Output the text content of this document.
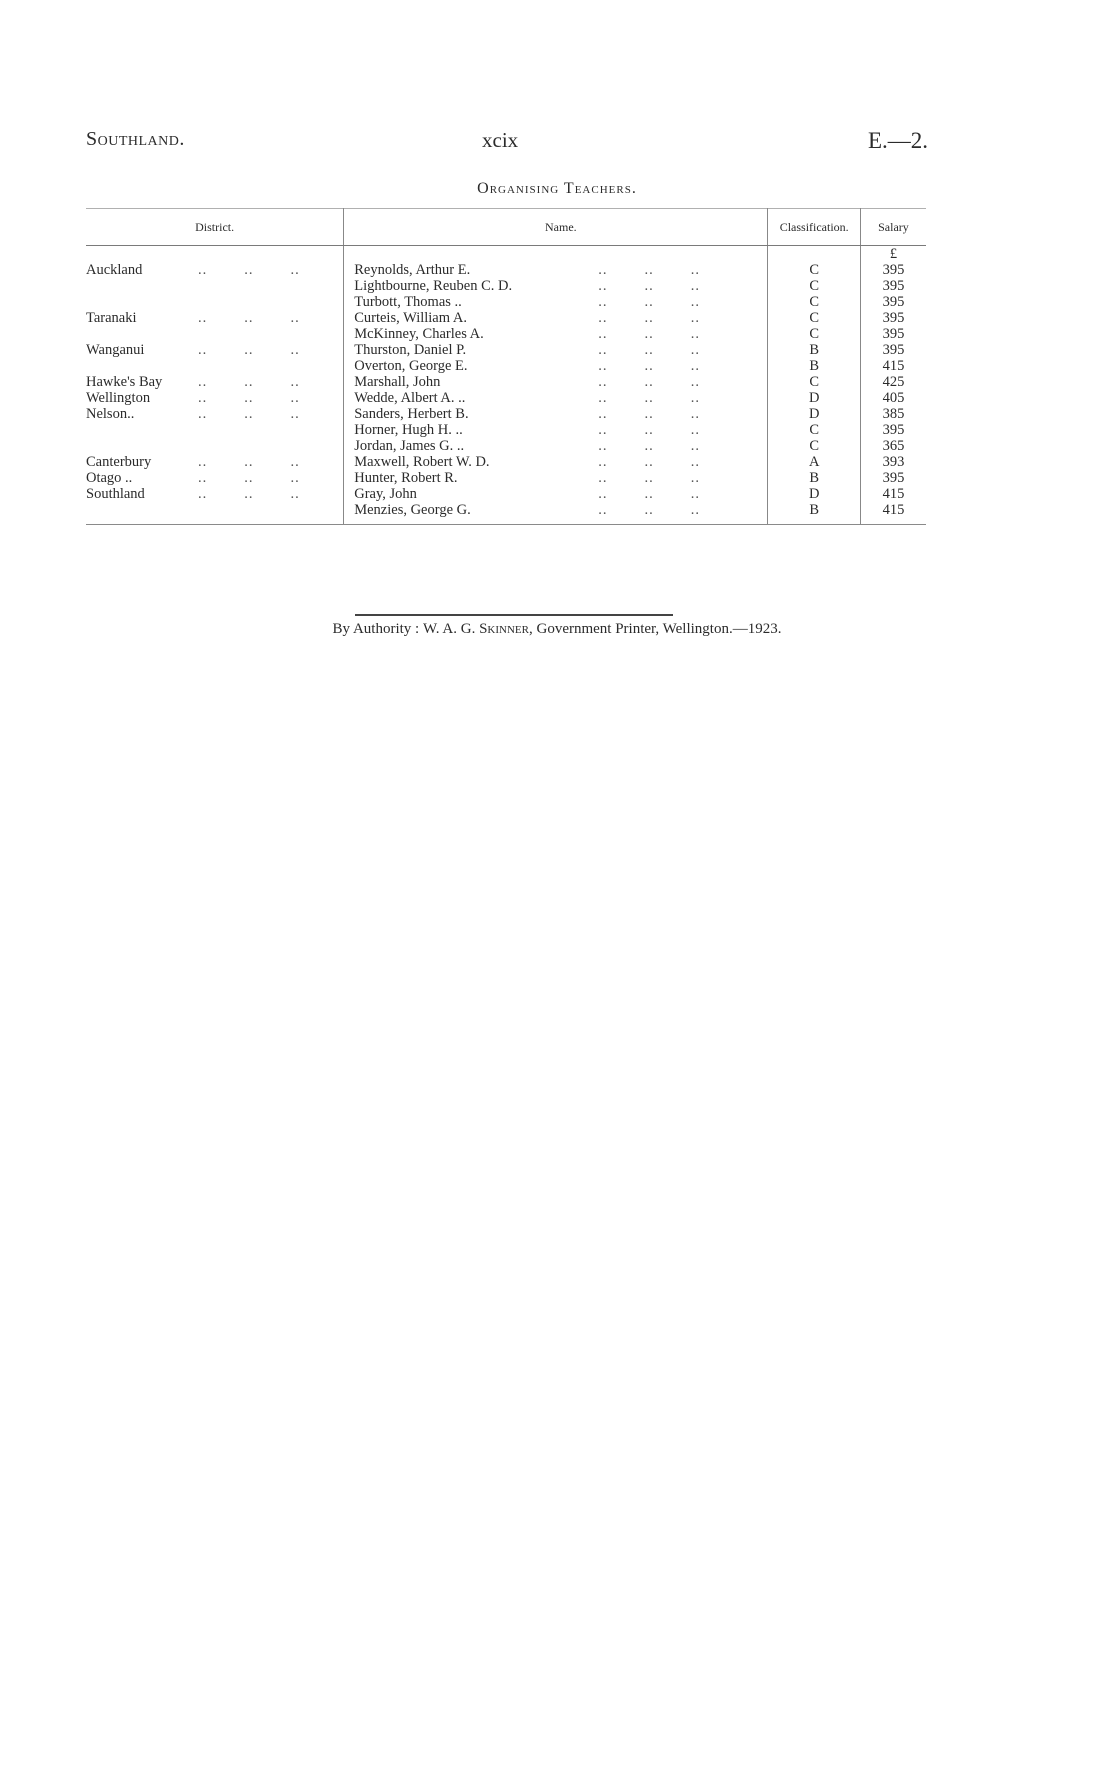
Southland.	xcix	E.—2.
Organising Teachers.
District.	Name.	Classification.	Salary
			£
Auckland ..        ..        ..	Reynolds, Arthur E. ..        ..        ..	C	395
	Lightbourne, Reuben C. D. ..        ..        ..	C	395
	Turbott, Thomas .. ..        ..        ..	C	395
Taranaki ..        ..        ..	Curteis, William A. ..        ..        ..	C	395
	McKinney, Charles A. ..        ..        ..	C	395
Wanganui ..        ..        ..	Thurston, Daniel P. ..        ..        ..	B	395
	Overton, George E. ..        ..        ..	B	415
Hawke's Bay ..        ..        ..	Marshall, John ..        ..        ..	C	425
Wellington ..        ..        ..	Wedde, Albert A. .. ..        ..        ..	D	405
Nelson.. ..        ..        ..	Sanders, Herbert B. ..        ..        ..	D	385
	Horner, Hugh H. .. ..        ..        ..	C	395
	Jordan, James G. .. ..        ..        ..	C	365
Canterbury ..        ..        ..	Maxwell, Robert W. D. ..        ..        ..	A	393
Otago .. ..        ..        ..	Hunter, Robert R. ..        ..        ..	B	395
Southland ..        ..        ..	Gray, John ..        ..        ..	D	415
	Menzies, George G. ..        ..        ..	B	415
By Authority : W. A. G. Skinner, Government Printer, Wellington.—1923.
